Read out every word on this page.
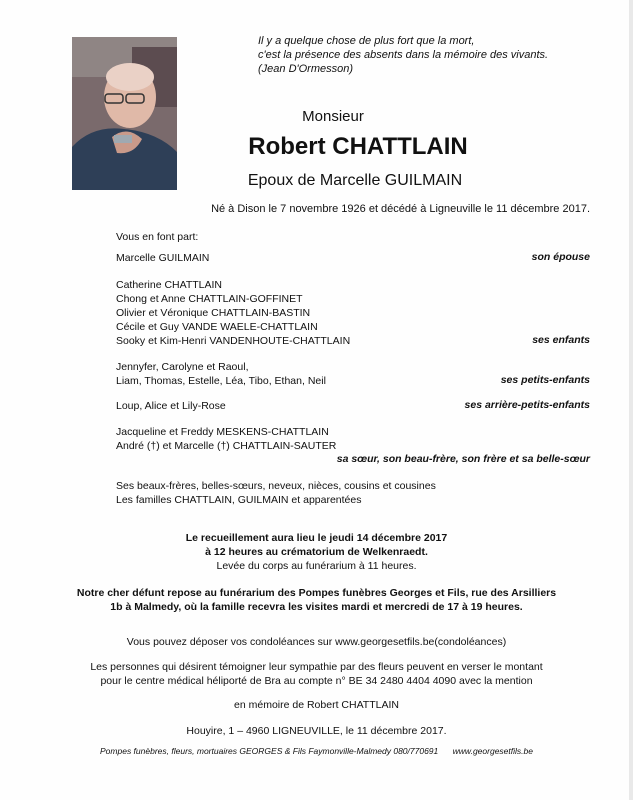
Il y a quelque chose de plus fort que la mort,
c'est la présence des absents dans la mémoire des vivants.
(Jean D'Ormesson)
Monsieur
Robert CHATTLAIN
Epoux de Marcelle GUILMAIN
Né à Dison le 7 novembre 1926 et décédé à Ligneuville le 11 décembre 2017.
Vous en font part:
Marcelle GUILMAIN	son épouse
Catherine CHATTLAIN
Chong et Anne CHATTLAIN-GOFFINET
Olivier et Véronique CHATTLAIN-BASTIN
Cécile et Guy VANDE WAELE-CHATTLAIN
Sooky et Kim-Henri VANDENHOUTE-CHATTLAIN	ses enfants
Jennyfer, Carolyne et Raoul,
Liam, Thomas, Estelle, Léa, Tibo, Ethan, Neil	ses petits-enfants
Loup, Alice et Lily-Rose	ses arrière-petits-enfants
Jacqueline et Freddy MESKENS-CHATTLAIN
André (†) et Marcelle (†) CHATTLAIN-SAUTER
sa sœur, son beau-frère, son frère et sa belle-sœur
Ses beaux-frères, belles-sœurs, neveux, nièces, cousins et cousines
Les familles CHATTLAIN, GUILMAIN et apparentées
Le recueillement aura lieu le jeudi 14 décembre 2017
à 12 heures au crématorium de Welkenraedt.
Levée du corps au funérarium à 11 heures.
Notre cher défunt repose au funérarium des Pompes funèbres Georges et Fils, rue des Arsilliers
1b à Malmedy, où la famille recevra les visites mardi et mercredi de 17 à 19 heures.
Vous pouvez déposer vos condoléances sur www.georgesetfils.be(condoléances)
Les personnes qui désirent témoigner leur sympathie par des fleurs peuvent en verser le montant
pour le centre médical héliporté de Bra au compte n° BE 34 2480 4404 4090 avec la mention
en mémoire de Robert CHATTLAIN
Houyire, 1 – 4960 LIGNEUVILLE, le 11 décembre 2017.
Pompes funèbres, fleurs, mortuaires GEORGES & Fils Faymonville-Malmedy 080/770691 www.georgesetfils.be
